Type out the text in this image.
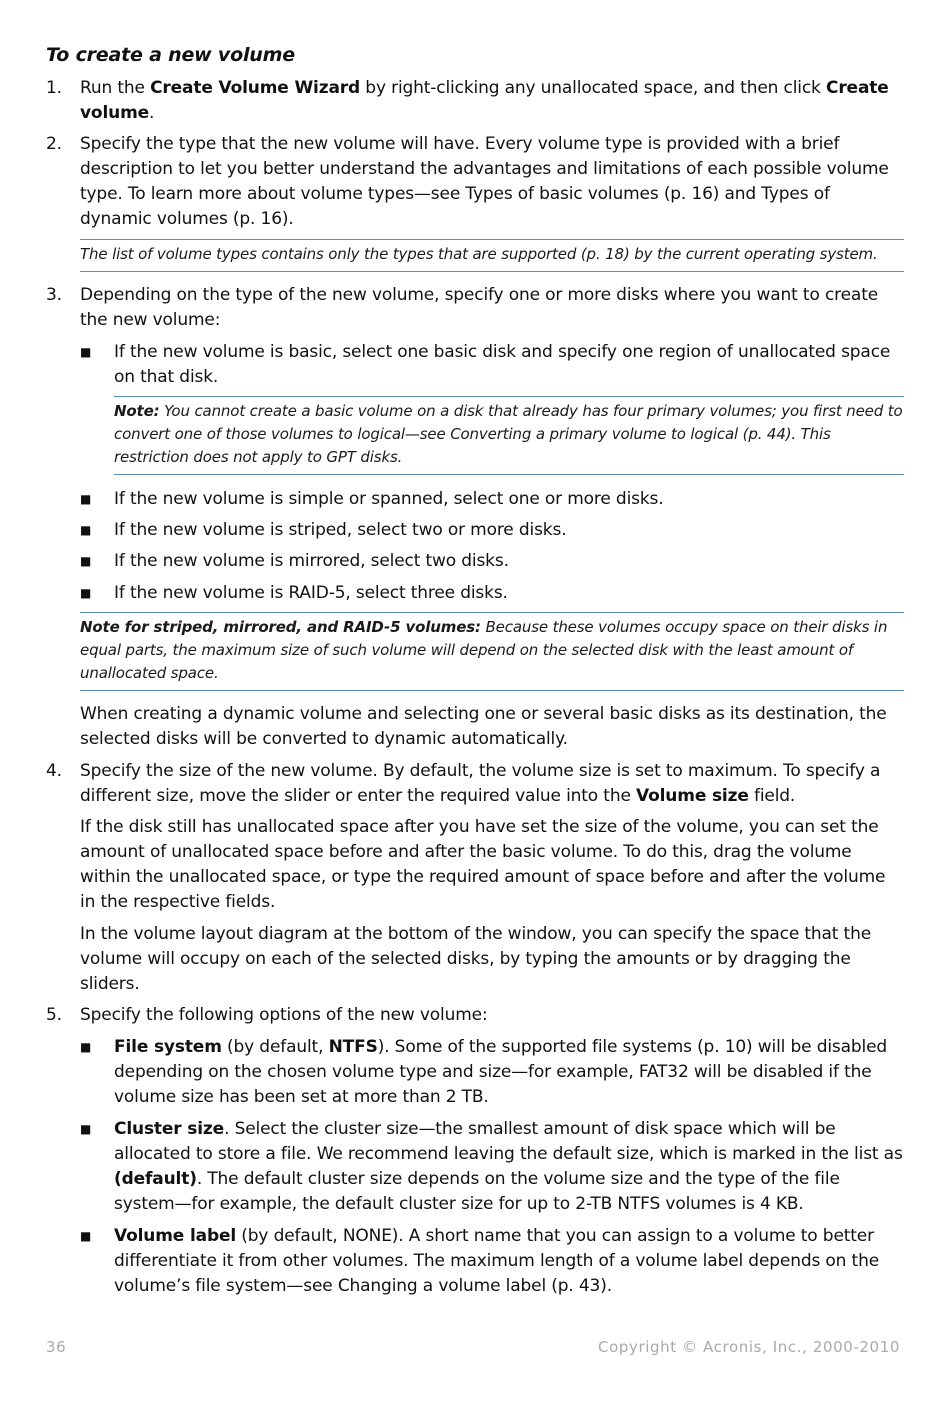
To create a new volume
1.	Run the Create Volume Wizard by right-clicking any unallocated space, and then click Create volume.
2.	Specify the type that the new volume will have. Every volume type is provided with a brief description to let you better understand the advantages and limitations of each possible volume type. To learn more about volume types—see Types of basic volumes (p. 16) and Types of dynamic volumes (p. 16).
The list of volume types contains only the types that are supported (p. 18) by the current operating system.
3.	Depending on the type of the new volume, specify one or more disks where you want to create the new volume:
■ If the new volume is basic, select one basic disk and specify one region of unallocated space on that disk.
Note: You cannot create a basic volume on a disk that already has four primary volumes; you first need to convert one of those volumes to logical—see Converting a primary volume to logical (p. 44). This restriction does not apply to GPT disks.
■ If the new volume is simple or spanned, select one or more disks.
■ If the new volume is striped, select two or more disks.
■ If the new volume is mirrored, select two disks.
■ If the new volume is RAID-5, select three disks.
Note for striped, mirrored, and RAID-5 volumes: Because these volumes occupy space on their disks in equal parts, the maximum size of such volume will depend on the selected disk with the least amount of unallocated space.
When creating a dynamic volume and selecting one or several basic disks as its destination, the selected disks will be converted to dynamic automatically.
4.	Specify the size of the new volume. By default, the volume size is set to maximum. To specify a different size, move the slider or enter the required value into the Volume size field.
If the disk still has unallocated space after you have set the size of the volume, you can set the amount of unallocated space before and after the basic volume. To do this, drag the volume within the unallocated space, or type the required amount of space before and after the volume in the respective fields.
In the volume layout diagram at the bottom of the window, you can specify the space that the volume will occupy on each of the selected disks, by typing the amounts or by dragging the sliders.
5.	Specify the following options of the new volume:
■ File system (by default, NTFS). Some of the supported file systems (p. 10) will be disabled depending on the chosen volume type and size—for example, FAT32 will be disabled if the volume size has been set at more than 2 TB.
■ Cluster size. Select the cluster size—the smallest amount of disk space which will be allocated to store a file. We recommend leaving the default size, which is marked in the list as (default). The default cluster size depends on the volume size and the type of the file system—for example, the default cluster size for up to 2-TB NTFS volumes is 4 KB.
■ Volume label (by default, NONE). A short name that you can assign to a volume to better differentiate it from other volumes. The maximum length of a volume label depends on the volume’s file system—see Changing a volume label (p. 43).
36	Copyright © Acronis, Inc., 2000-2010
